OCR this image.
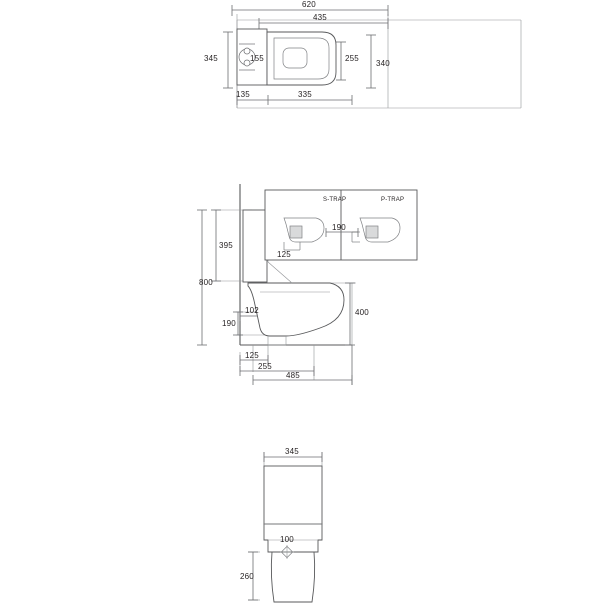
620
435
345	155	255
340
135	335
395
800
102
190
400
125
125
255
485
S-TRAP	P-TRAP
190
345
100
260
